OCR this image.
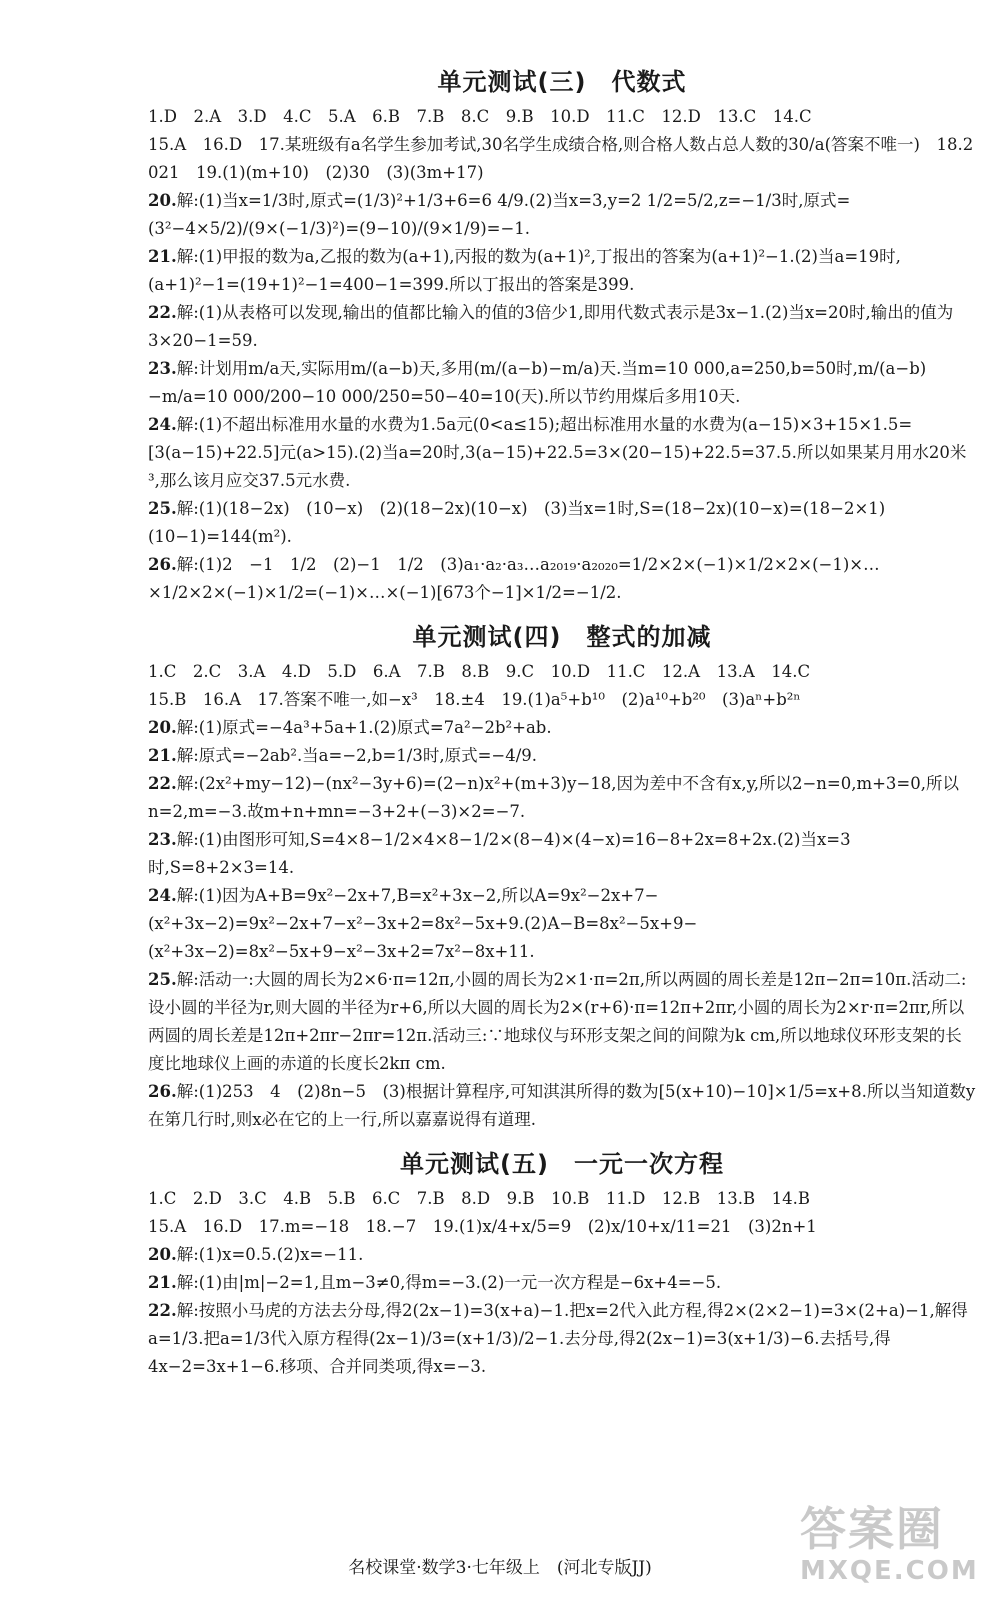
单元测试(三)　代数式

1.D　2.A　3.D　4.C　5.A　6.B　7.B　8.C　9.B　10.D　11.C　12.D　13.C　14.C

15.A　16.D　17.某班级有a名学生参加考试,30名学生成绩合格,则合格人数占总人数的30/a(答案不唯一)　18.2 021　19.(1)(m+10)　(2)30　(3)(3m+17)

20.解:(1)当x=1/3时,原式=(1/3)²+1/3+6=6 4/9.(2)当x=3,y=2 1/2=5/2,z=−1/3时,原式=(3²−4×5/2)/(9×(−1/3)²)=(9−10)/(9×1/9)=−1.

21.解:(1)甲报的数为a,乙报的数为(a+1),丙报的数为(a+1)²,丁报出的答案为(a+1)²−1.(2)当a=19时,(a+1)²−1=(19+1)²−1=400−1=399.所以丁报出的答案是399.

22.解:(1)从表格可以发现,输出的值都比输入的值的3倍少1,即用代数式表示是3x−1.(2)当x=20时,输出的值为3×20−1=59.

23.解:计划用m/a天,实际用m/(a−b)天,多用(m/(a−b)−m/a)天.当m=10 000,a=250,b=50时,m/(a−b)−m/a=10 000/200−10 000/250=50−40=10(天).所以节约用煤后多用10天.

24.解:(1)不超出标准用水量的水费为1.5a元(0<a≤15);超出标准用水量的水费为(a−15)×3+15×1.5=[3(a−15)+22.5]元(a>15).(2)当a=20时,3(a−15)+22.5=3×(20−15)+22.5=37.5.所以如果某月用水20米³,那么该月应交37.5元水费.

25.解:(1)(18−2x)　(10−x)　(2)(18−2x)(10−x)　(3)当x=1时,S=(18−2x)(10−x)=(18−2×1)(10−1)=144(m²).

26.解:(1)2　−1　1/2　(2)−1　1/2　(3)a₁·a₂·a₃…a₂₀₁₉·a₂₀₂₀=1/2×2×(−1)×1/2×2×(−1)×…×1/2×2×(−1)×1/2=(−1)×…×(−1)[673个−1]×1/2=−1/2.

单元测试(四)　整式的加减

1.C　2.C　3.A　4.D　5.D　6.A　7.B　8.B　9.C　10.D　11.C　12.A　13.A　14.C

15.B　16.A　17.答案不唯一,如−x³　18.±4　19.(1)a⁵+b¹⁰　(2)a¹⁰+b²⁰　(3)aⁿ+b²ⁿ

20.解:(1)原式=−4a³+5a+1.(2)原式=7a²−2b²+ab.

21.解:原式=−2ab².当a=−2,b=1/3时,原式=−4/9.

22.解:(2x²+my−12)−(nx²−3y+6)=(2−n)x²+(m+3)y−18,因为差中不含有x,y,所以2−n=0,m+3=0,所以n=2,m=−3.故m+n+mn=−3+2+(−3)×2=−7.

23.解:(1)由图形可知,S=4×8−1/2×4×8−1/2×(8−4)×(4−x)=16−8+2x=8+2x.(2)当x=3时,S=8+2×3=14.

24.解:(1)因为A+B=9x²−2x+7,B=x²+3x−2,所以A=9x²−2x+7−(x²+3x−2)=9x²−2x+7−x²−3x+2=8x²−5x+9.(2)A−B=8x²−5x+9−(x²+3x−2)=8x²−5x+9−x²−3x+2=7x²−8x+11.

25.解:活动一:大圆的周长为2×6·π=12π,小圆的周长为2×1·π=2π,所以两圆的周长差是12π−2π=10π.活动二:设小圆的半径为r,则大圆的半径为r+6,所以大圆的周长为2×(r+6)·π=12π+2πr,小圆的周长为2×r·π=2πr,所以两圆的周长差是12π+2πr−2πr=12π.活动三:∵地球仪与环形支架之间的间隙为k cm,所以地球仪环形支架的长度比地球仪上画的赤道的长度长2kπ cm.

26.解:(1)253　4　(2)8n−5　(3)根据计算程序,可知淇淇所得的数为[5(x+10)−10]×1/5=x+8.所以当知道数y在第几行时,则x必在它的上一行,所以嘉嘉说得有道理.

单元测试(五)　一元一次方程

1.C　2.D　3.C　4.B　5.B　6.C　7.B　8.D　9.B　10.B　11.D　12.B　13.B　14.B

15.A　16.D　17.m=−18　18.−7　19.(1)x/4+x/5=9　(2)x/10+x/11=21　(3)2n+1

20.解:(1)x=0.5.(2)x=−11.

21.解:(1)由|m|−2=1,且m−3≠0,得m=−3.(2)一元一次方程是−6x+4=−5.

22.解:按照小马虎的方法去分母,得2(2x−1)=3(x+a)−1.把x=2代入此方程,得2×(2×2−1)=3×(2+a)−1,解得a=1/3.把a=1/3代入原方程得(2x−1)/3=(x+1/3)/2−1.去分母,得2(2x−1)=3(x+1/3)−6.去括号,得4x−2=3x+1−6.移项、合并同类项,得x=−3.

名校课堂·数学3·七年级上　(河北专版JJ)
答案圈
MXQE.COM
